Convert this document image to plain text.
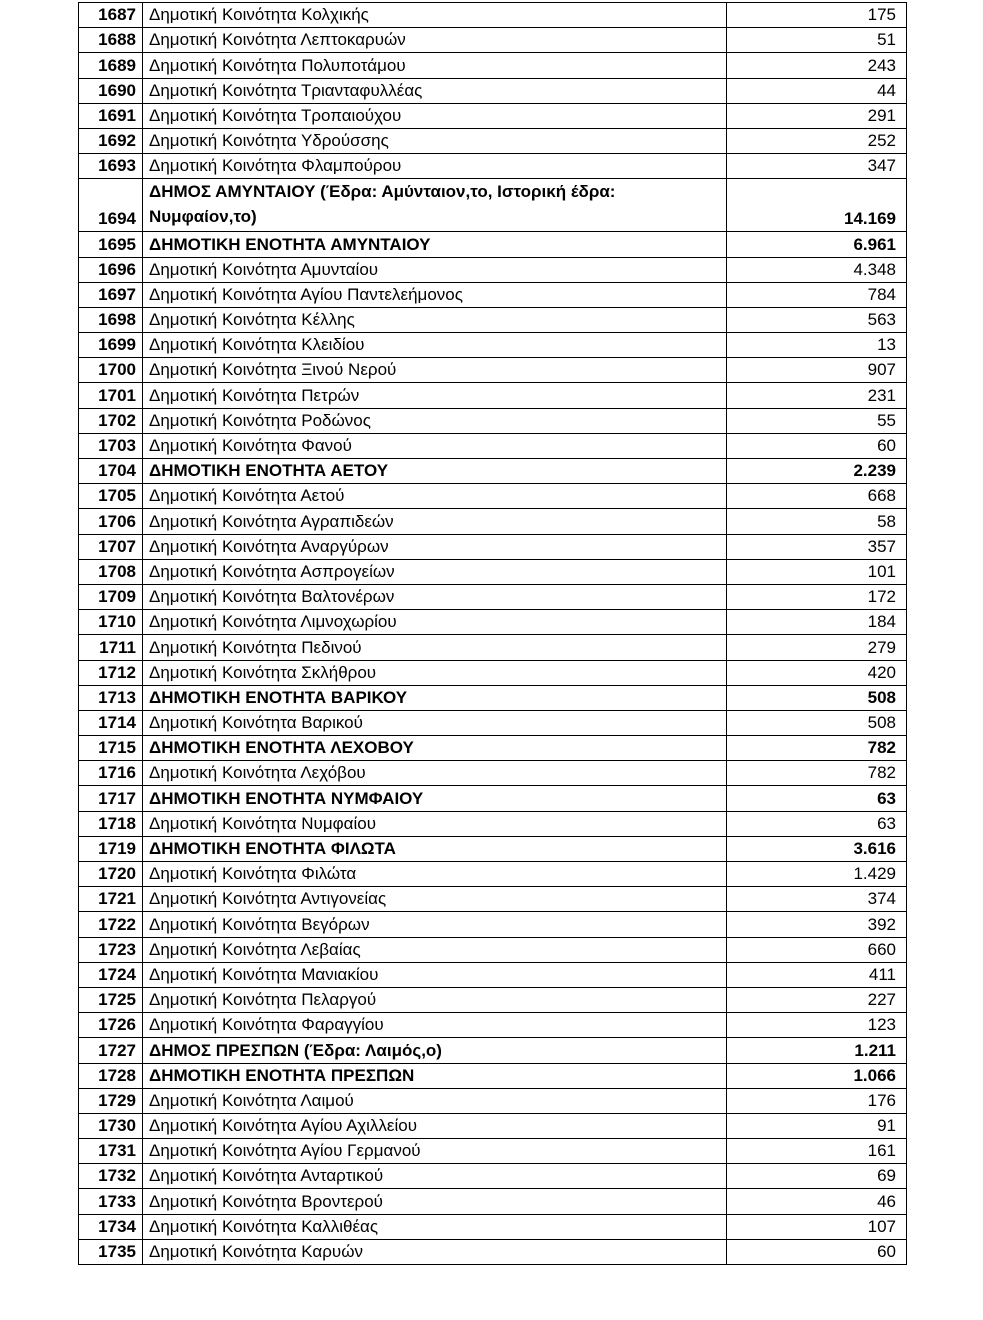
1687	Δημοτική Κοινότητα Κολχικής	175
1688	Δημοτική Κοινότητα Λεπτοκαρυών	51
1689	Δημοτική Κοινότητα Πολυποτάμου	243
1690	Δημοτική Κοινότητα Τριανταφυλλέας	44
1691	Δημοτική Κοινότητα Τροπαιούχου	291
1692	Δημοτική Κοινότητα Υδρούσσης	252
1693	Δημοτική Κοινότητα Φλαμπούρου	347
1694	ΔΗΜΟΣ ΑΜΥΝΤΑΙΟΥ (Έδρα: Αμύνταιον,το, Ιστορική έδρα: Νυμφαίον,το)	14.169
1695	ΔΗΜΟΤΙΚΗ ΕΝΟΤΗΤΑ ΑΜΥΝΤΑΙΟΥ	6.961
1696	Δημοτική Κοινότητα Αμυνταίου	4.348
1697	Δημοτική Κοινότητα Αγίου Παντελεήμονος	784
1698	Δημοτική Κοινότητα Κέλλης	563
1699	Δημοτική Κοινότητα Κλειδίου	13
1700	Δημοτική Κοινότητα Ξινού Νερού	907
1701	Δημοτική Κοινότητα Πετρών	231
1702	Δημοτική Κοινότητα Ροδώνος	55
1703	Δημοτική Κοινότητα Φανού	60
1704	ΔΗΜΟΤΙΚΗ ΕΝΟΤΗΤΑ ΑΕΤΟΥ	2.239
1705	Δημοτική Κοινότητα Αετού	668
1706	Δημοτική Κοινότητα Αγραπιδεών	58
1707	Δημοτική Κοινότητα Αναργύρων	357
1708	Δημοτική Κοινότητα Ασπρογείων	101
1709	Δημοτική Κοινότητα Βαλτονέρων	172
1710	Δημοτική Κοινότητα Λιμνοχωρίου	184
1711	Δημοτική Κοινότητα Πεδινού	279
1712	Δημοτική Κοινότητα Σκλήθρου	420
1713	ΔΗΜΟΤΙΚΗ ΕΝΟΤΗΤΑ ΒΑΡΙΚΟΥ	508
1714	Δημοτική Κοινότητα Βαρικού	508
1715	ΔΗΜΟΤΙΚΗ ΕΝΟΤΗΤΑ ΛΕΧΟΒΟΥ	782
1716	Δημοτική Κοινότητα Λεχόβου	782
1717	ΔΗΜΟΤΙΚΗ ΕΝΟΤΗΤΑ ΝΥΜΦΑΙΟΥ	63
1718	Δημοτική Κοινότητα Νυμφαίου	63
1719	ΔΗΜΟΤΙΚΗ ΕΝΟΤΗΤΑ ΦΙΛΩΤΑ	3.616
1720	Δημοτική Κοινότητα Φιλώτα	1.429
1721	Δημοτική Κοινότητα Αντιγονείας	374
1722	Δημοτική Κοινότητα Βεγόρων	392
1723	Δημοτική Κοινότητα Λεβαίας	660
1724	Δημοτική Κοινότητα Μανιακίου	411
1725	Δημοτική Κοινότητα Πελαργού	227
1726	Δημοτική Κοινότητα Φαραγγίου	123
1727	ΔΗΜΟΣ ΠΡΕΣΠΩΝ (Έδρα: Λαιμός,ο)	1.211
1728	ΔΗΜΟΤΙΚΗ ΕΝΟΤΗΤΑ ΠΡΕΣΠΩΝ	1.066
1729	Δημοτική Κοινότητα Λαιμού	176
1730	Δημοτική Κοινότητα Αγίου Αχιλλείου	91
1731	Δημοτική Κοινότητα Αγίου Γερμανού	161
1732	Δημοτική Κοινότητα Ανταρτικού	69
1733	Δημοτική Κοινότητα Βροντερού	46
1734	Δημοτική Κοινότητα Καλλιθέας	107
1735	Δημοτική Κοινότητα Καρυών	60
